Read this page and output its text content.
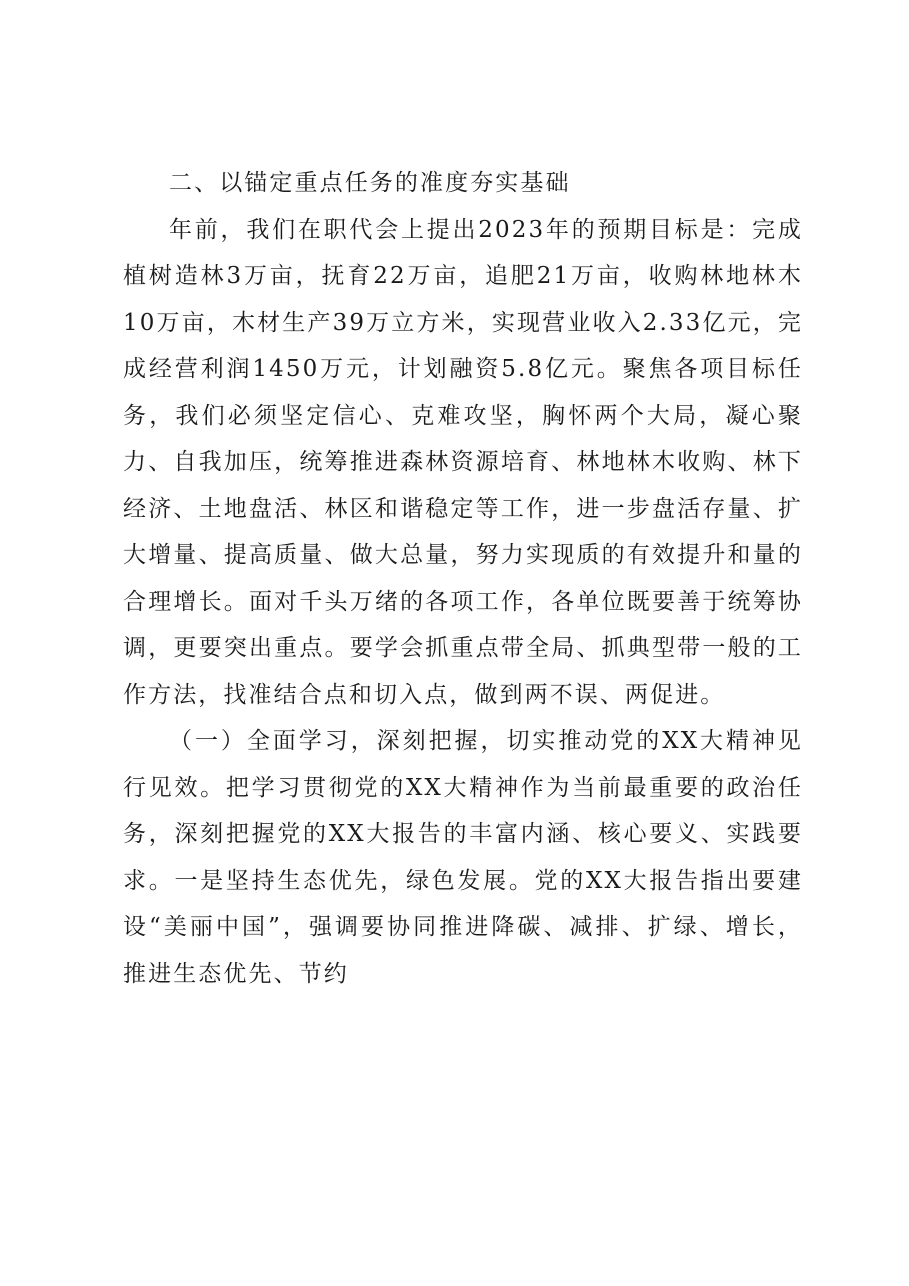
二、以锚定重点任务的准度夯实基础

年前，我们在职代会上提出2023年的预期目标是：完成植树造林3万亩，抚育22万亩，追肥21万亩，收购林地林木10万亩，木材生产39万立方米，实现营业收入2.33亿元，完成经营利润1450万元，计划融资5.8亿元。聚焦各项目标任务，我们必须坚定信心、克难攻坚，胸怀两个大局，凝心聚力、自我加压，统筹推进森林资源培育、林地林木收购、林下经济、土地盘活、林区和谐稳定等工作，进一步盘活存量、扩大增量、提高质量、做大总量，努力实现质的有效提升和量的合理增长。面对千头万绪的各项工作，各单位既要善于统筹协调，更要突出重点。要学会抓重点带全局、抓典型带一般的工作方法，找准结合点和切入点，做到两不误、两促进。

（一）全面学习，深刻把握，切实推动党的XX大精神见行见效。把学习贯彻党的XX大精神作为当前最重要的政治任务，深刻把握党的XX大报告的丰富内涵、核心要义、实践要求。一是坚持生态优先，绿色发展。党的XX大报告指出要建设“美丽中国”，强调要协同推进降碳、减排、扩绿、增长，推进生态优先、节约
